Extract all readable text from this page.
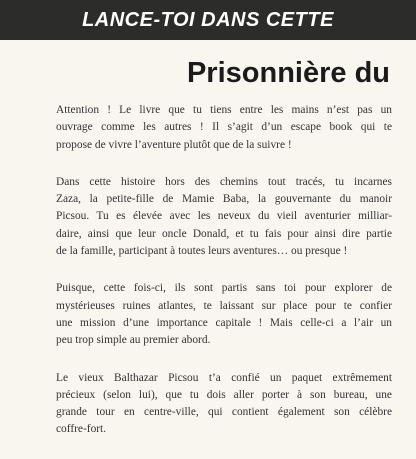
LANCE-TOI DANS CETTE
Prisonnière du

Attention ! Le livre que tu tiens entre les mains n’est pas un
ouvrage comme les autres ! Il s’agit d’un escape book qui te
propose de vivre l’aventure plutôt que de la suivre !

Dans cette histoire hors des chemins tout tracés, tu incarnes
Zaza, la petite-fille de Mamie Baba, la gouvernante du manoir
Picsou. Tu es élevée avec les neveux du vieil aventurier milliar-
daire, ainsi que leur oncle Donald, et tu fais pour ainsi dire partie
de la famille, participant à toutes leurs aventures… ou presque !

Puisque, cette fois-ci, ils sont partis sans toi pour explorer de
mystérieuses ruines atlantes, te laissant sur place pour te confier
une mission d’une importance capitale ! Mais celle-ci a l’air un
peu trop simple au premier abord.

Le vieux Balthazar Picsou t’a confié un paquet extrêmement
précieux (selon lui), que tu dois aller porter à son bureau, une
grande tour en centre-ville, qui contient également son célèbre
coffre-fort.
